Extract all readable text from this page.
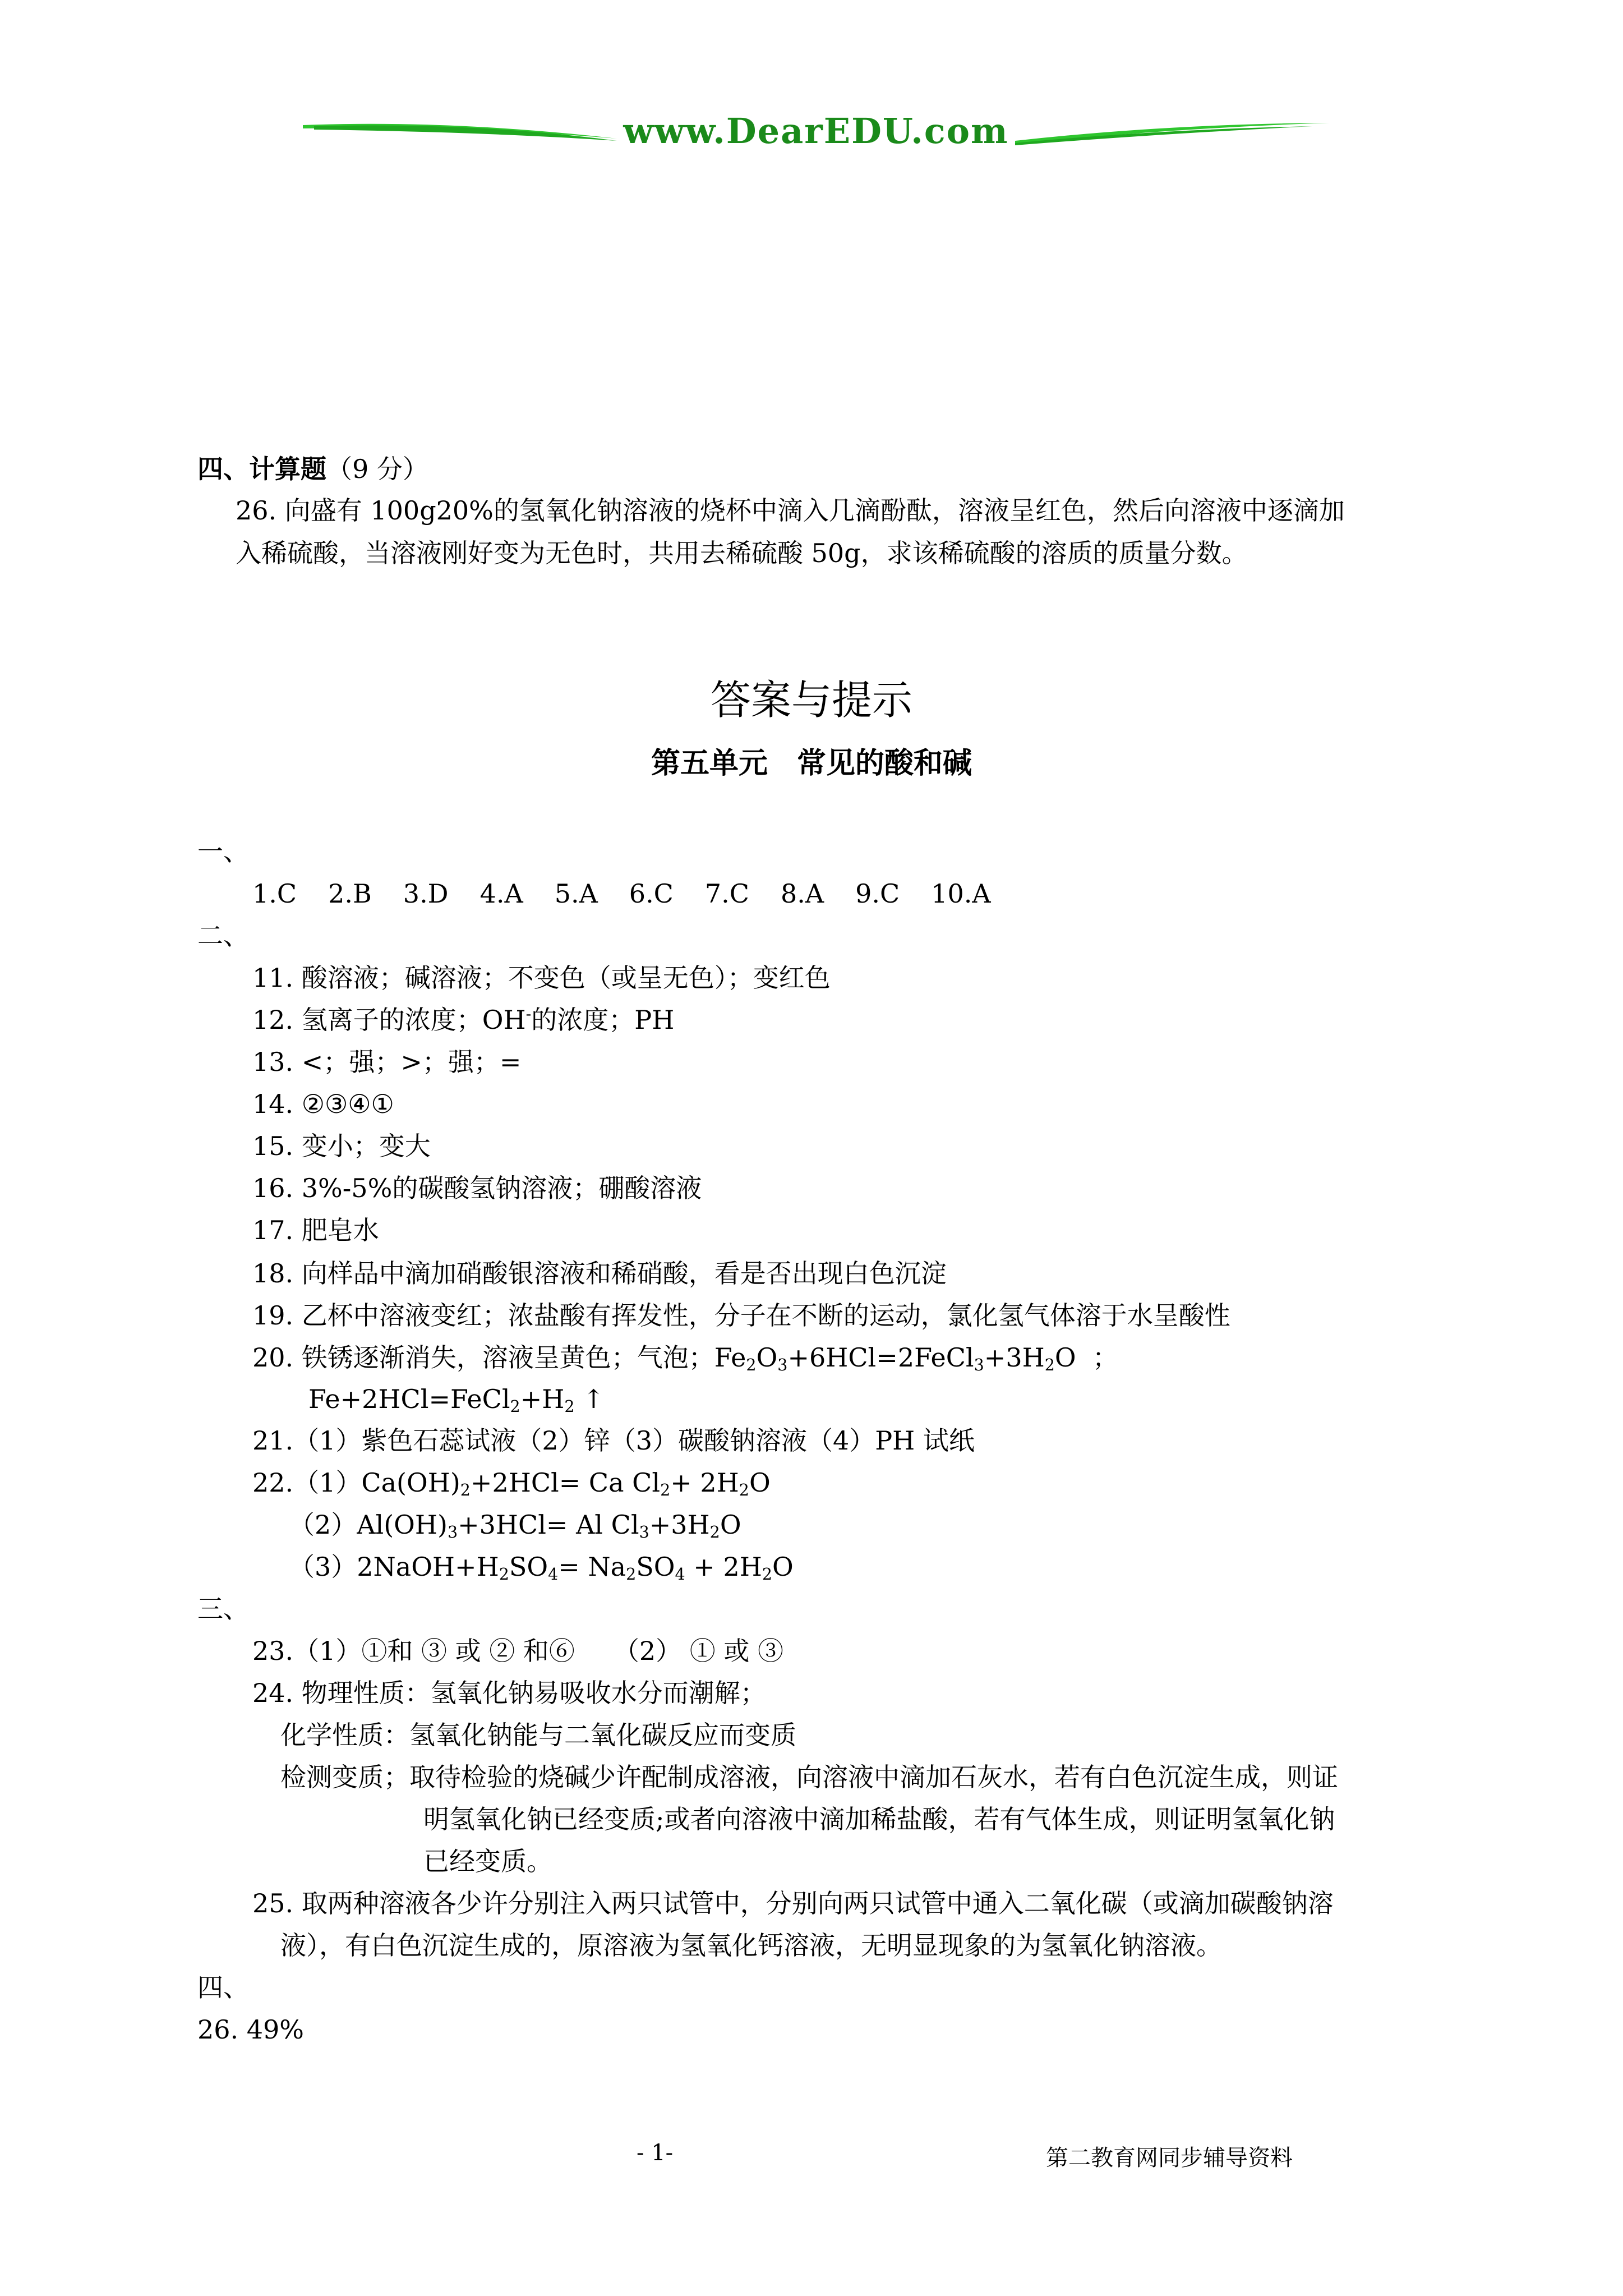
www.DearEDU.com
四、计算题（9 分）
26. 向盛有 100g20%的氢氧化钠溶液的烧杯中滴入几滴酚酞，溶液呈红色，然后向溶液中逐滴加
入稀硫酸，当溶液刚好变为无色时，共用去稀硫酸 50g，求该稀硫酸的溶质的质量分数。
答案与提示
第五单元　常见的酸和碱
一、
1.C 2.B 3.D 4.A 5.A 6.C 7.C 8.A 9.C 10.A
二、
11. 酸溶液；碱溶液；不变色（或呈无色）；变红色
12. 氢离子的浓度；OH-的浓度；PH
13. <；强；>；强；=
14. ②③④①
15. 变小；变大
16. 3%-5%的碳酸氢钠溶液；硼酸溶液
17. 肥皂水
18. 向样品中滴加硝酸银溶液和稀硝酸，看是否出现白色沉淀
19. 乙杯中溶液变红；浓盐酸有挥发性，分子在不断的运动，氯化氢气体溶于水呈酸性
20. 铁锈逐渐消失，溶液呈黄色；气泡；$Fe_2O_3+6HCl=2FeCl_3+3H_2O$  ；
$Fe+2HCl=FeCl_2+H_2$ ↑
21.（1）紫色石蕊试液（2）锌（3）碳酸钠溶液（4）PH 试纸
$22.(1)Ca(OH)_2+2HCl= Ca$ $Cl_2+ 2H_2O$
$(2)Al(OH)_3+3HCl= Al$ $Cl_3+3H_2O$
$(3)2NaOH+H_2SO_4= Na_2SO_4 + 2H_2O$
三、
23.（1）①和 ③ 或 ② 和⑥　　（2） ① 或 ③
24. 物理性质：氢氧化钠易吸收水分而潮解；
化学性质：氢氧化钠能与二氧化碳反应而变质
检测变质；取待检验的烧碱少许配制成溶液，向溶液中滴加石灰水，若有白色沉淀生成，则证
明氢氧化钠已经变质;或者向溶液中滴加稀盐酸，若有气体生成，则证明氢氧化钠
已经变质。
25. 取两种溶液各少许分别注入两只试管中，分别向两只试管中通入二氧化碳（或滴加碳酸钠溶
液），有白色沉淀生成的，原溶液为氢氧化钙溶液，无明显现象的为氢氧化钠溶液。
四、
26. 49%
- 1-	第二教育网同步辅导资料
